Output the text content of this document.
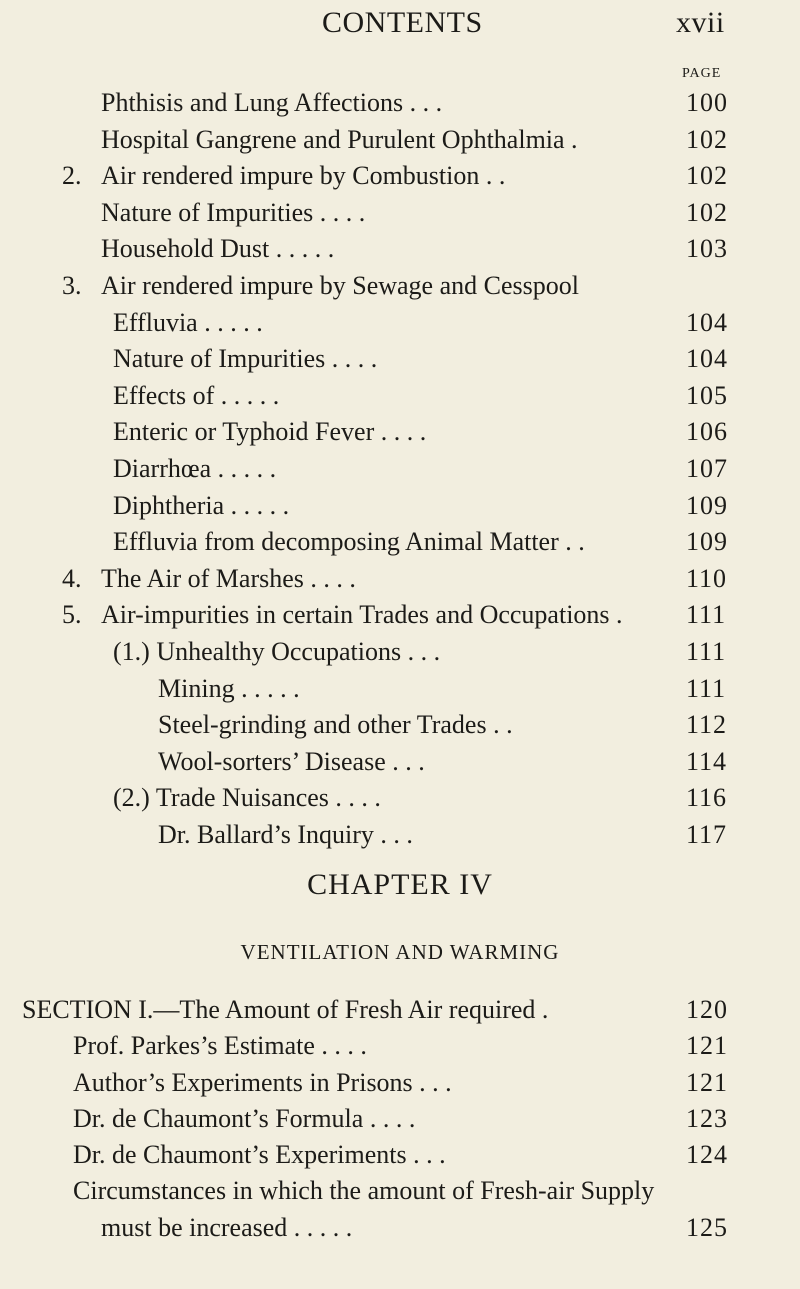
CONTENTS	xvii
PAGE
Phthisis and Lung Affections . . .	100
Hospital Gangrene and Purulent Ophthalmia .	102
2. Air rendered impure by Combustion . .	102
Nature of Impurities . . . .	102
Household Dust . . . . .	103
3. Air rendered impure by Sewage and Cesspool
Effluvia . . . . .	104
Nature of Impurities . . . .	104
Effects of . . . . .	105
Enteric or Typhoid Fever . . . .	106
Diarrhœa . . . . .	107
Diphtheria . . . . .	109
Effluvia from decomposing Animal Matter . .	109
4. The Air of Marshes . . . .	110
5. Air-impurities in certain Trades and Occupations . 111
(1.) Unhealthy Occupations . . .	111
Mining . . . . .	111
Steel-grinding and other Trades . .	112
Wool-sorters’ Disease . . .	114
(2.) Trade Nuisances . . . .	116
Dr. Ballard’s Inquiry . . .	117
CHAPTER IV
VENTILATION AND WARMING
SECTION I.—The Amount of Fresh Air required .	120
Prof. Parkes’s Estimate . . . .	121
Author’s Experiments in Prisons . . .	121
Dr. de Chaumont’s Formula . . . .	123
Dr. de Chaumont’s Experiments . . .	124
Circumstances in which the amount of Fresh-air Supply
must be increased . . . . .	125
